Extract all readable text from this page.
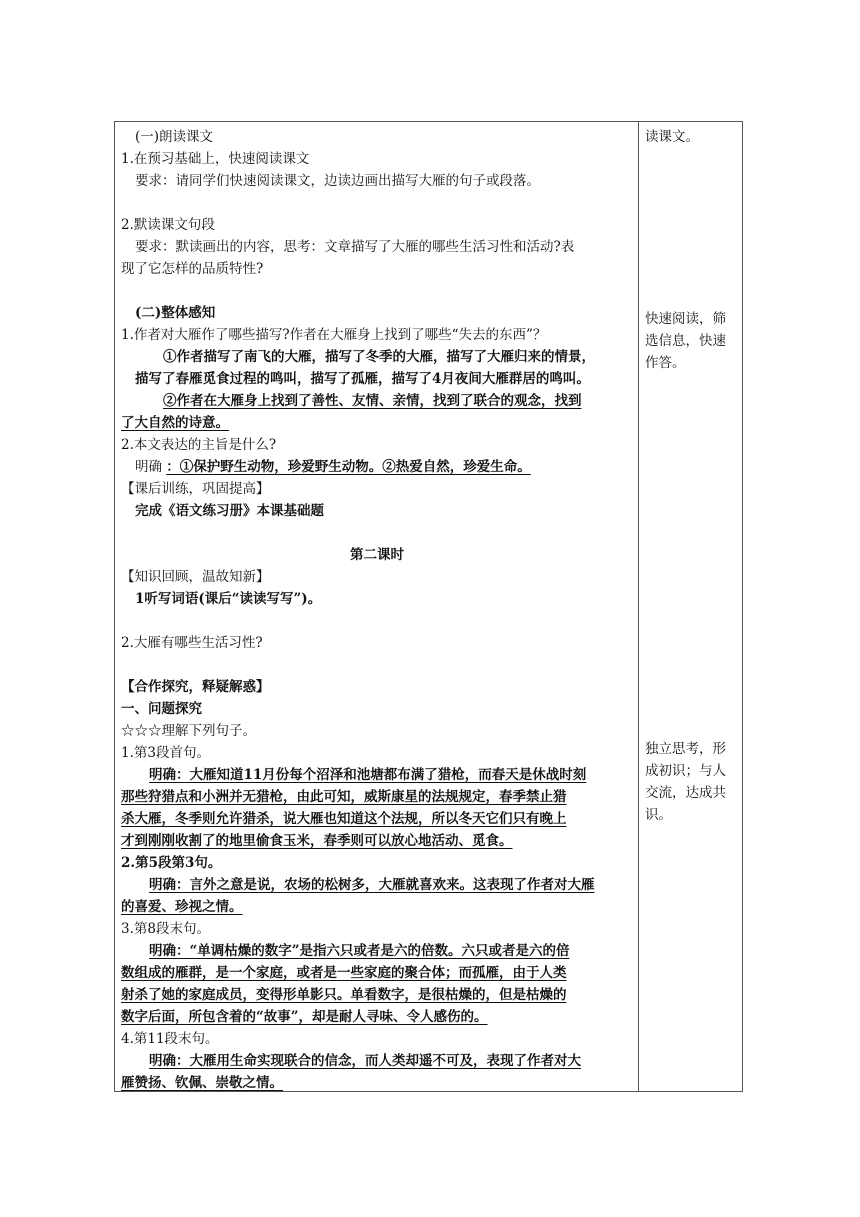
(一)朗读课文
1.在预习基础上，快速阅读课文
要求：请同学们快速阅读课文，边读边画出描写大雁的句子或段落。
2.默读课文句段
要求：默读画出的内容，思考：文章描写了大雁的哪些生活习性和活动?表
现了它怎样的品质特性?
(二)整体感知
1.作者对大雁作了哪些描写?作者在大雁身上找到了哪些“失去的东西”？
①作者描写了南飞的大雁，描写了冬季的大雁，描写了大雁归来的情景，
描写了春雁觅食过程的鸣叫，描写了孤雁，描写了4月夜间大雁群居的鸣叫。
②作者在大雁身上找到了善性、友情、亲情，找到了联合的观念，找到
了大自然的诗意。
2.本文表达的主旨是什么?
明确 ：①保护野生动物，珍爱野生动物。②热爱自然，珍爱生命。
【课后训练，巩固提高】
完成《语文练习册》本课基础题
第二课时
【知识回顾，温故知新】
1听写词语(课后“读读写写”)。
2.大雁有哪些生活习性?
【合作探究，释疑解惑】
一、问题探究
☆☆☆理解下列句子。
1.第3段首句。
明确：大雁知道11月份每个沼泽和池塘都布满了猎枪，而春天是休战时刻
那些狩猎点和小洲并无猎枪，由此可知，威斯康星的法规规定，春季禁止猎
杀大雁，冬季则允许猎杀，说大雁也知道这个法规，所以冬天它们只有晚上
才到刚刚收割了的地里偷食玉米，春季则可以放心地活动、觅食。
2.第5段第3句。
明确：言外之意是说，农场的松树多，大雁就喜欢来。这表现了作者对大雁
的喜爱、珍视之情。
3.第8段末句。
明确：“单调枯燥的数字”是指六只或者是六的倍数。六只或者是六的倍
数组成的雁群，是一个家庭，或者是一些家庭的聚合体；而孤雁，由于人类
射杀了她的家庭成员，变得形单影只。单看数字，是很枯燥的，但是枯燥的
数字后面，所包含着的“故事”，却是耐人寻味、令人感伤的。
4.第11段末句。
明确：大雁用生命实现联合的信念，而人类却遥不可及，表现了作者对大
雁赞扬、钦佩、崇敬之情。
读课文。
快速阅读，筛选信息，快速作答。
独立思考，形成初识；与人交流，达成共识。
